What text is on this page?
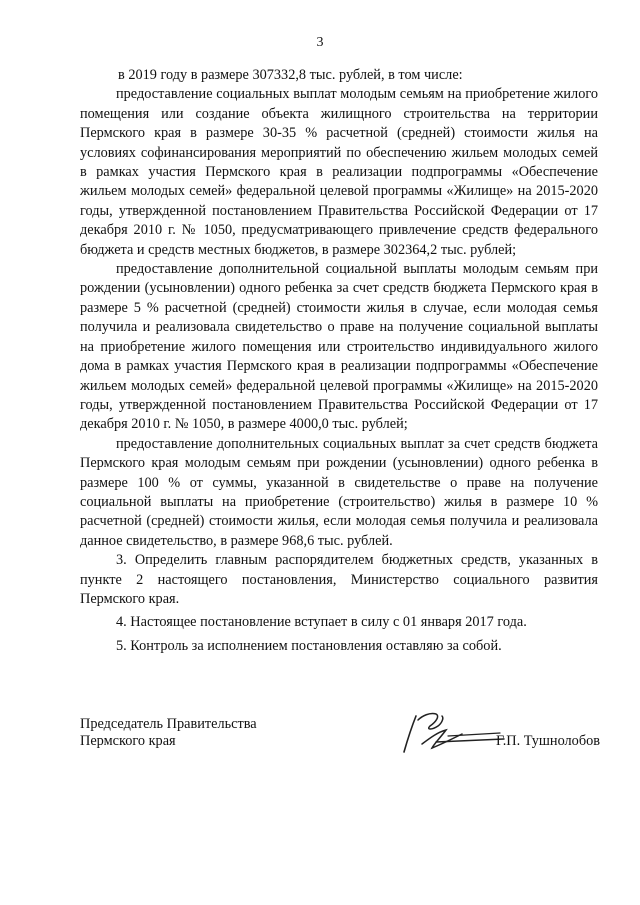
3

в 2019 году в размере 307332,8 тыс. рублей, в том числе:

предоставление социальных выплат молодым семьям на приобретение жилого помещения или создание объекта жилищного строительства на территории Пермского края в размере 30-35 % расчетной (средней) стоимости жилья на условиях софинансирования мероприятий по обеспечению жильем молодых семей в рамках участия Пермского края в реализации подпрограммы «Обеспечение жильем молодых семей» федеральной целевой программы «Жилище» на 2015-2020 годы, утвержденной постановлением Правительства Российской Федерации от 17 декабря 2010 г. № 1050, предусматривающего привлечение средств федерального бюджета и средств местных бюджетов, в размере 302364,2 тыс. рублей;

предоставление дополнительной социальной выплаты молодым семьям при рождении (усыновлении) одного ребенка за счет средств бюджета Пермского края в размере 5 % расчетной (средней) стоимости жилья в случае, если молодая семья получила и реализовала свидетельство о праве на получение социальной выплаты на приобретение жилого помещения или строительство индивидуального жилого дома в рамках участия Пермского края в реализации подпрограммы «Обеспечение жильем молодых семей» федеральной целевой программы «Жилище» на 2015-2020 годы, утвержденной постановлением Правительства Российской Федерации от 17 декабря 2010 г. № 1050, в размере 4000,0 тыс. рублей;

предоставление дополнительных социальных выплат за счет средств бюджета Пермского края молодым семьям при рождении (усыновлении) одного ребенка в размере 100 % от суммы, указанной в свидетельстве о праве на получение социальной выплаты на приобретение (строительство) жилья в размере 10 % расчетной (средней) стоимости жилья, если молодая семья получила и реализовала данное свидетельство, в размере 968,6 тыс. рублей.

3. Определить главным распорядителем бюджетных средств, указанных в пункте 2 настоящего постановления, Министерство социального развития Пермского края.

4. Настоящее постановление вступает в силу с 01 января 2017 года.

5. Контроль за исполнением постановления оставляю за собой.

Председатель Правительства
Пермского края	Г.П. Тушнолобов
